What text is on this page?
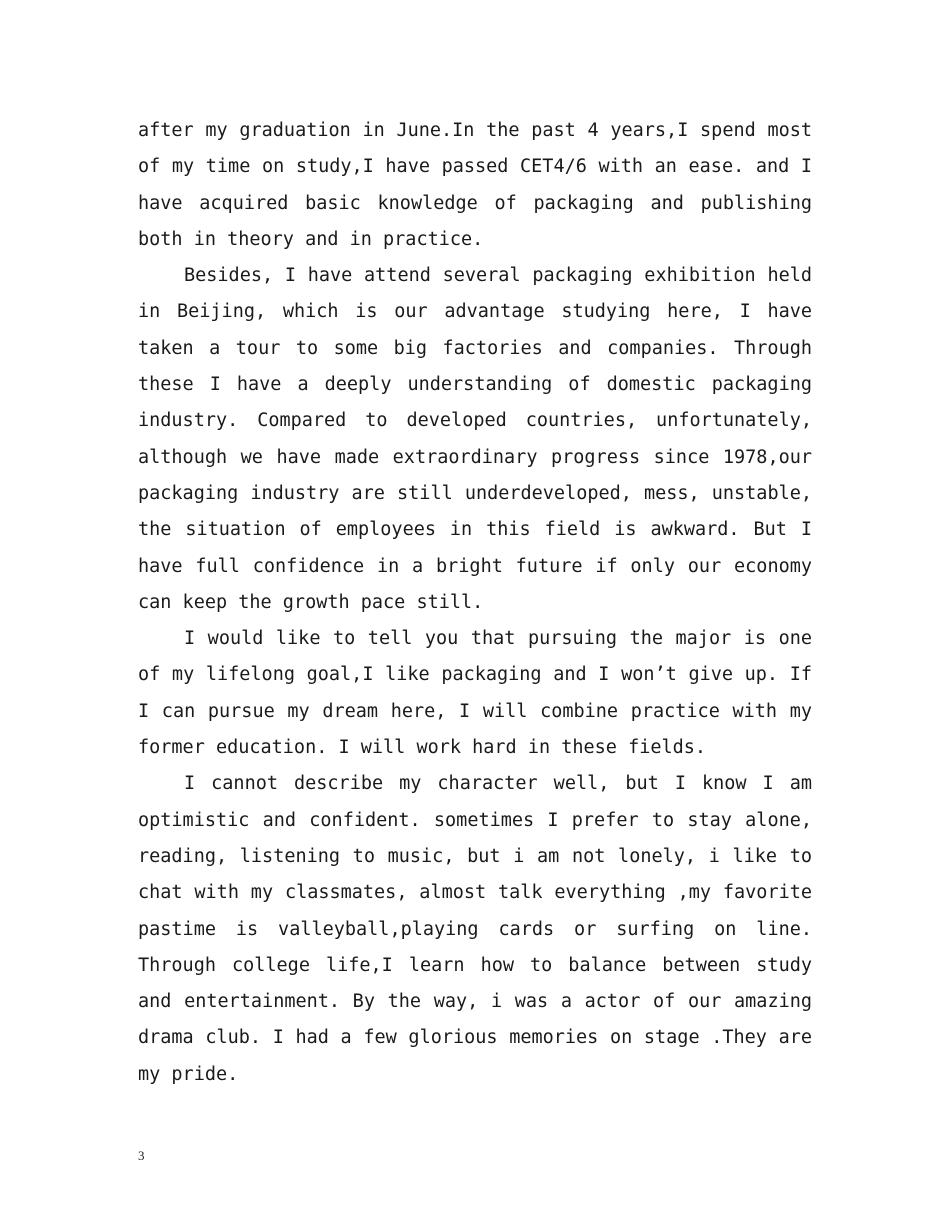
after my graduation in June.In the past 4 years,I spend most of my time on study,I have passed CET4/6 with an ease. and I have acquired basic knowledge of packaging and publishing both in theory and in practice.

Besides, I have attend several packaging exhibition held in Beijing, which is our advantage studying here, I have taken a tour to some big factories and companies. Through these I have a deeply understanding of domestic packaging industry. Compared to developed countries, unfortunately, although we have made extraordinary progress since 1978,our packaging industry are still underdeveloped, mess, unstable, the situation of employees in this field is awkward. But I have full confidence in a bright future if only our economy can keep the growth pace still.

I would like to tell you that pursuing the major is one of my lifelong goal,I like packaging and I won’t give up. If I can pursue my dream here, I will combine practice with my former education. I will work hard in these fields.

I cannot describe my character well, but I know I am optimistic and confident. sometimes I prefer to stay alone, reading, listening to music, but i am not lonely, i like to chat with my classmates, almost talk everything ,my favorite pastime is valleyball,playing cards or surfing on line. Through college life,I learn how to balance between study and entertainment. By the way, i was a actor of our amazing drama club. I had a few glorious memories on stage .They are my pride.

3
